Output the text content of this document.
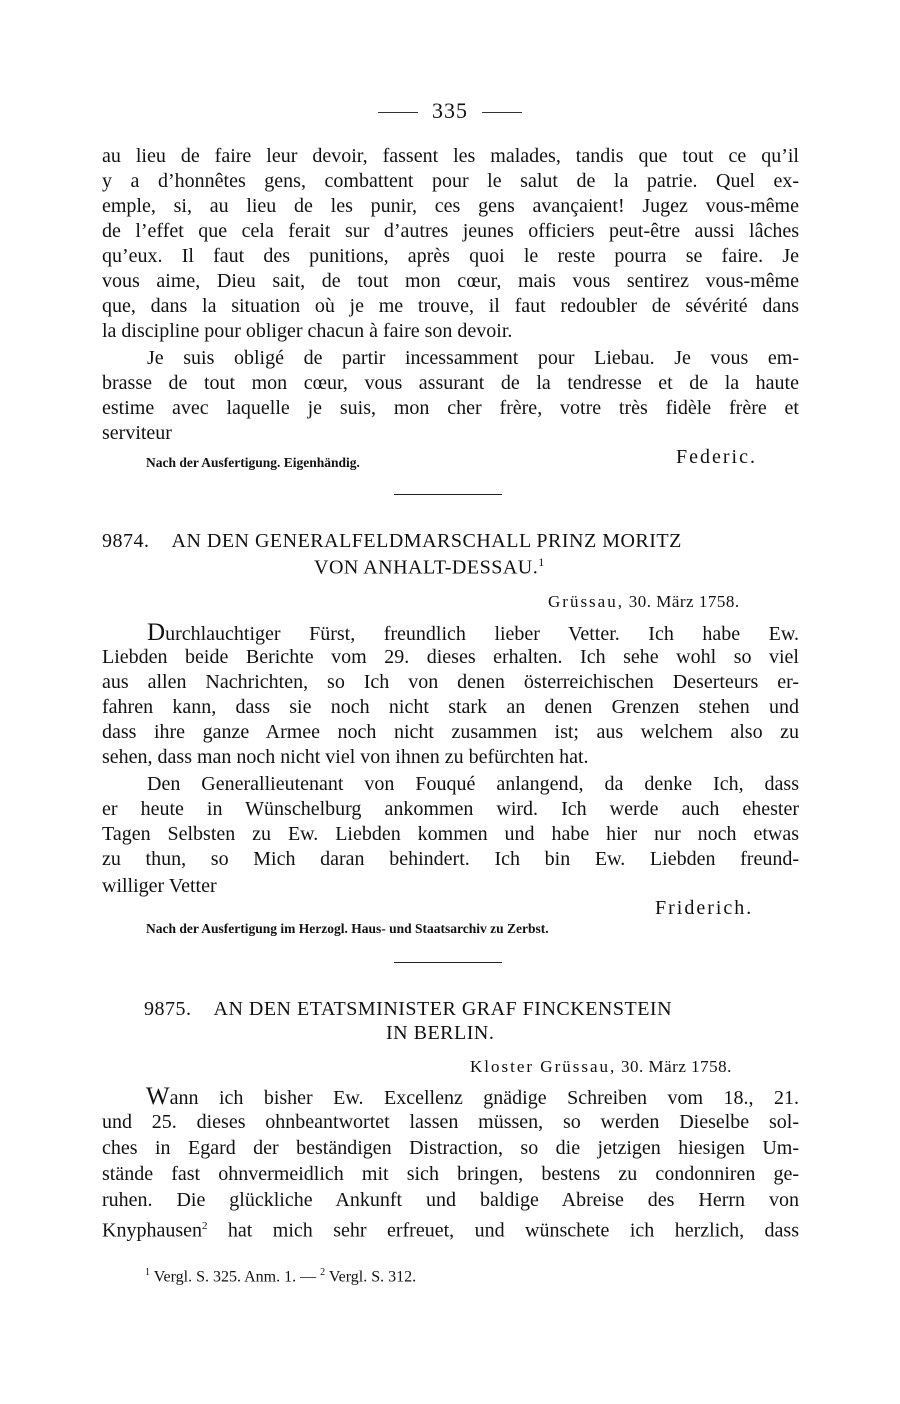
335
au lieu de faire leur devoir, fassent les malades, tandis que tout ce qu’il
y a d’honnêtes gens, combattent pour le salut de la patrie. Quel ex-
emple, si, au lieu de les punir, ces gens avançaient! Jugez vous-même
de l’effet que cela ferait sur d’autres jeunes officiers peut-être aussi lâches
qu’eux. Il faut des punitions, après quoi le reste pourra se faire. Je
vous aime, Dieu sait, de tout mon cœur, mais vous sentirez vous-même
que, dans la situation où je me trouve, il faut redoubler de sévérité dans
la discipline pour obliger chacun à faire son devoir.
Je suis obligé de partir incessamment pour Liebau. Je vous em-
brasse de tout mon cœur, vous assurant de la tendresse et de la haute
estime avec laquelle je suis, mon cher frère, votre très fidèle frère et
serviteur
Nach der Ausfertigung. Eigenhändig.	Federic.
9874. AN DEN GENERALFELDMARSCHALL PRINZ MORITZ
VON ANHALT-DESSAU.$^1$
Grüssau, 30. März 1758.
Durchlauchtiger Fürst, freundlich lieber Vetter. Ich habe Ew.
Liebden beide Berichte vom 29. dieses erhalten. Ich sehe wohl so viel
aus allen Nachrichten, so Ich von denen österreichischen Deserteurs er-
fahren kann, dass sie noch nicht stark an denen Grenzen stehen und
dass ihre ganze Armee noch nicht zusammen ist; aus welchem also zu
sehen, dass man noch nicht viel von ihnen zu befürchten hat.
Den Generallieutenant von Fouqué anlangend, da denke Ich, dass
er heute in Wünschelburg ankommen wird. Ich werde auch ehester
Tagen Selbsten zu Ew. Liebden kommen und habe hier nur noch etwas
zu thun, so Mich daran behindert. Ich bin Ew. Liebden freund-
williger Vetter
Friderich.
Nach der Ausfertigung im Herzogl. Haus- und Staatsarchiv zu Zerbst.
9875. AN DEN ETATSMINISTER GRAF FINCKENSTEIN
IN BERLIN.
Kloster Grüssau, 30. März 1758.
Wann ich bisher Ew. Excellenz gnädige Schreiben vom 18., 21.
und 25. dieses ohnbeantwortet lassen müssen, so werden Dieselbe sol-
ches in Egard der beständigen Distraction, so die jetzigen hiesigen Um-
stände fast ohnvermeidlich mit sich bringen, bestens zu condonniren ge-
ruhen. Die glückliche Ankunft und baldige Abreise des Herrn von
Knyphausen$^2$ hat mich sehr erfreuet, und wünschete ich herzlich, dass
$^1$ Vergl. S. 325. Anm. 1. — $^2$ Vergl. S. 312.
